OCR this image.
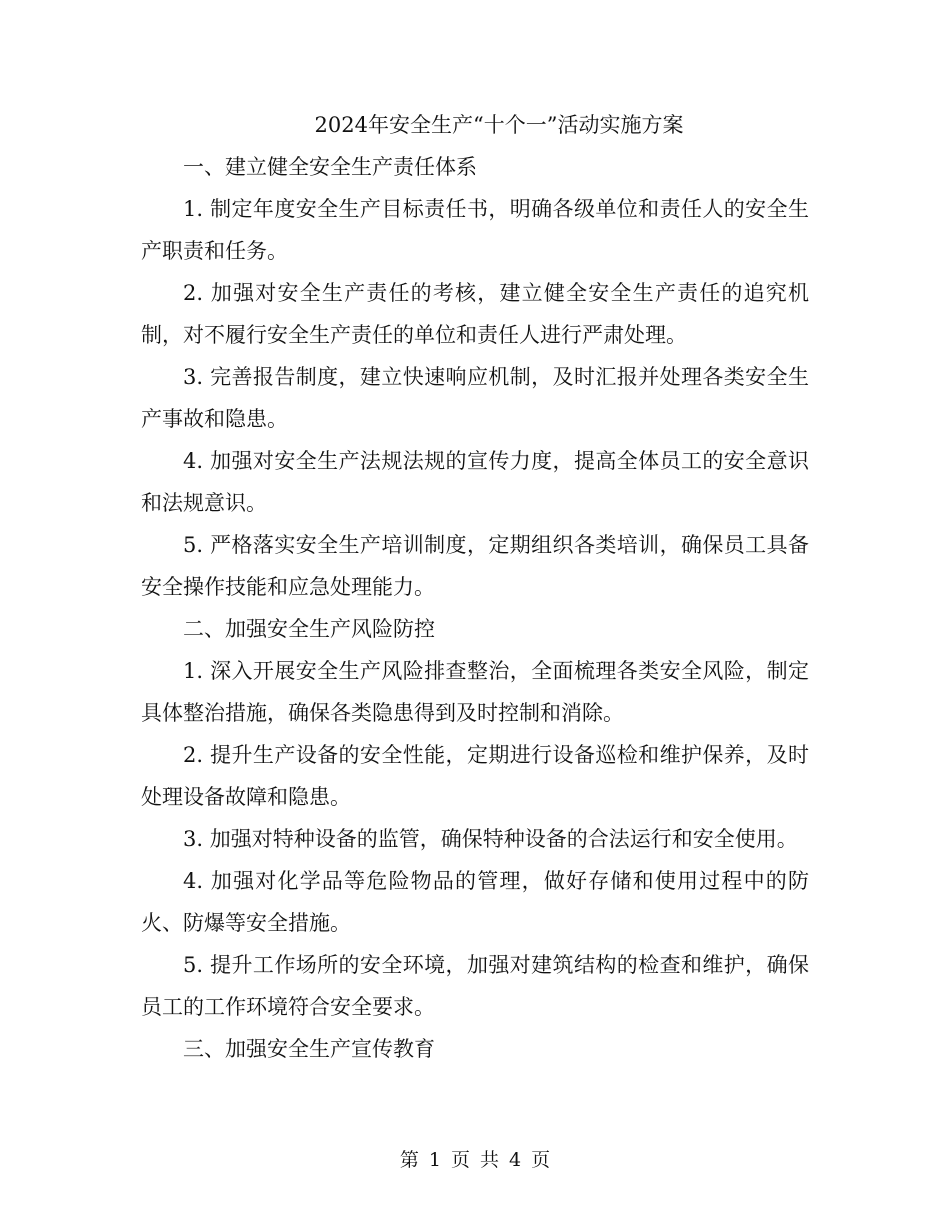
2024年安全生产“十个一”活动实施方案

一、建立健全安全生产责任体系

1. 制定年度安全生产目标责任书，明确各级单位和责任人的安全生产职责和任务。

2. 加强对安全生产责任的考核，建立健全安全生产责任的追究机制，对不履行安全生产责任的单位和责任人进行严肃处理。

3. 完善报告制度，建立快速响应机制，及时汇报并处理各类安全生产事故和隐患。

4. 加强对安全生产法规法规的宣传力度，提高全体员工的安全意识和法规意识。

5. 严格落实安全生产培训制度，定期组织各类培训，确保员工具备安全操作技能和应急处理能力。

二、加强安全生产风险防控

1. 深入开展安全生产风险排查整治，全面梳理各类安全风险，制定具体整治措施，确保各类隐患得到及时控制和消除。

2. 提升生产设备的安全性能，定期进行设备巡检和维护保养，及时处理设备故障和隐患。

3. 加强对特种设备的监管，确保特种设备的合法运行和安全使用。

4. 加强对化学品等危险物品的管理，做好存储和使用过程中的防火、防爆等安全措施。

5. 提升工作场所的安全环境，加强对建筑结构的检查和维护，确保员工的工作环境符合安全要求。

三、加强安全生产宣传教育

第 1 页 共 4 页
